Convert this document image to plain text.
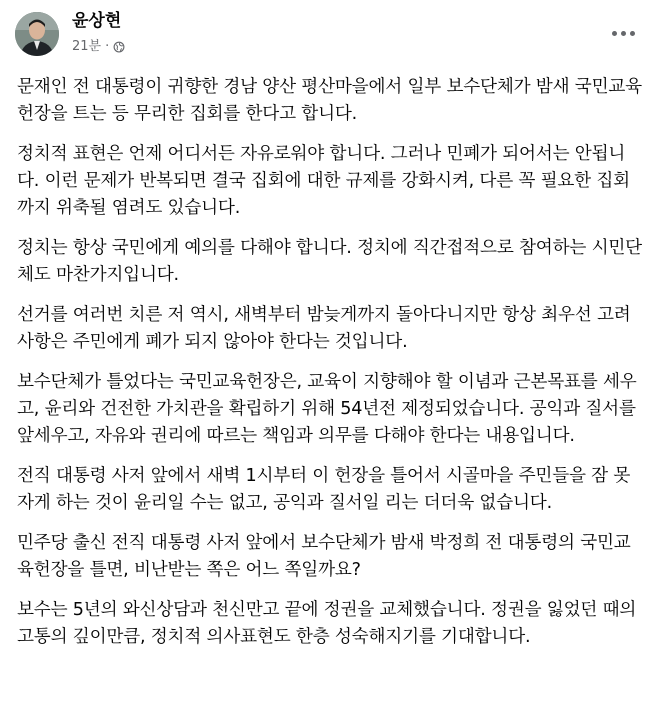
윤상현
21분 ·

문재인 전 대통령이 귀향한 경남 양산 평산마을에서 일부 보수단체가 밤새 국민교육헌장을 트는 등 무리한 집회를 한다고 합니다.

정치적 표현은 언제 어디서든 자유로워야 합니다. 그러나 민폐가 되어서는 안됩니다. 이런 문제가 반복되면 결국 집회에 대한 규제를 강화시켜, 다른 꼭 필요한 집회까지 위축될 염려도 있습니다.

정치는 항상 국민에게 예의를 다해야 합니다. 정치에 직간접적으로 참여하는 시민단체도 마찬가지입니다.

선거를 여러번 치른 저 역시, 새벽부터 밤늦게까지 돌아다니지만 항상 최우선 고려사항은 주민에게 폐가 되지 않아야 한다는 것입니다.

보수단체가 틀었다는 국민교육헌장은, 교육이 지향해야 할 이념과 근본목표를 세우고, 윤리와 건전한 가치관을 확립하기 위해 54년전 제정되었습니다. 공익과 질서를 앞세우고, 자유와 권리에 따르는 책임과 의무를 다해야 한다는 내용입니다.

전직 대통령 사저 앞에서 새벽 1시부터 이 헌장을 틀어서 시골마을 주민들을 잠 못자게 하는 것이 윤리일 수는 없고, 공익과 질서일 리는 더더욱 없습니다.

민주당 출신 전직 대통령 사저 앞에서 보수단체가 밤새 박정희 전 대통령의 국민교육헌장을 틀면, 비난받는 쪽은 어느 쪽일까요?

보수는 5년의 와신상담과 천신만고 끝에 정권을 교체했습니다. 정권을 잃었던 때의 고통의 깊이만큼, 정치적 의사표현도 한층 성숙해지기를 기대합니다.
